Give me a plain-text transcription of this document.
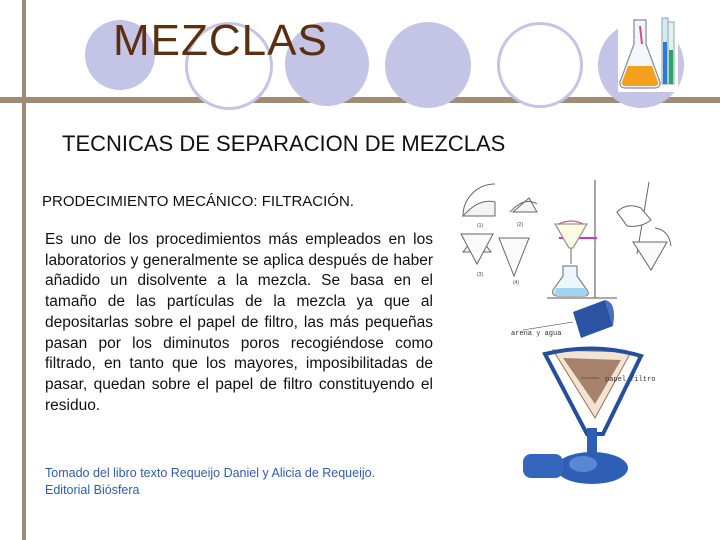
MEZCLAS
TECNICAS DE SEPARACION DE MEZCLAS
PRODECIMIENTO MECÁNICO: FILTRACIÓN.

Es uno de los procedimientos más empleados en los laboratorios y generalmente se aplica después de haber añadido un disolvente a la mezcla. Se basa en el tamaño de las partículas de la mezcla ya que al depositarlas sobre el papel de filtro, las más pequeñas pasan por los diminutos poros recogiéndose como filtrado, en tanto que los mayores, imposibilitadas de pasar, quedan sobre el papel de filtro constituyendo el residuo.

Tomado del libro texto Requeijo Daniel y Alicia de Requeijo.
Editorial Biósfera
(1)	(2)
(3)
(4)
arena y agua
papel filtro
